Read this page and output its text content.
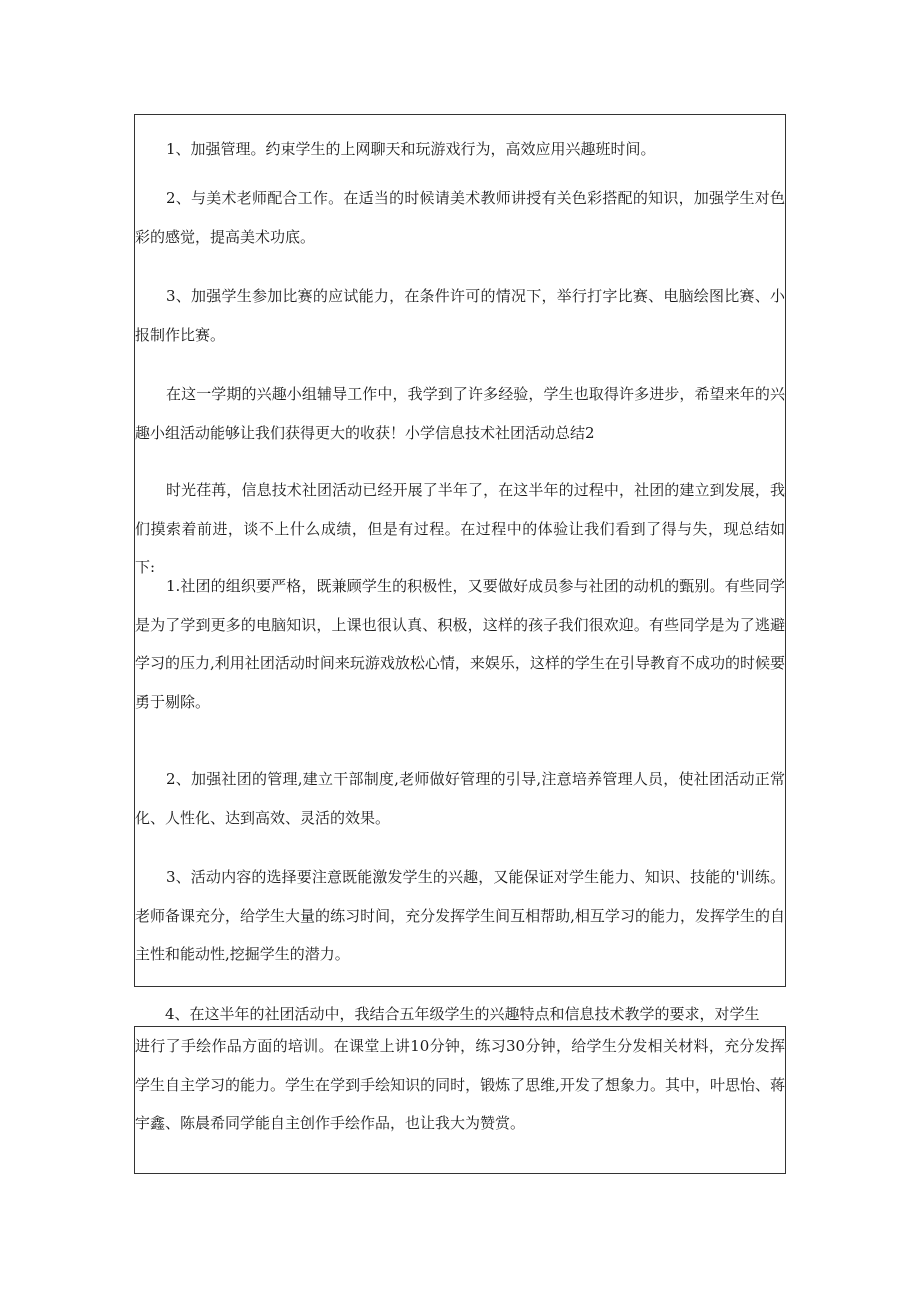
1、加强管理。约束学生的上网聊天和玩游戏行为，高效应用兴趣班时间。

2、与美术老师配合工作。在适当的时候请美术教师讲授有关色彩搭配的知识，加强学生对色彩的感觉，提高美术功底。

3、加强学生参加比赛的应试能力，在条件许可的情况下，举行打字比赛、电脑绘图比赛、小报制作比赛。

在这一学期的兴趣小组辅导工作中，我学到了许多经验，学生也取得许多进步，希望来年的兴趣小组活动能够让我们获得更大的收获！小学信息技术社团活动总结2

时光荏苒，信息技术社团活动已经开展了半年了，在这半年的过程中，社团的建立到发展，我们摸索着前进，谈不上什么成绩，但是有过程。在过程中的体验让我们看到了得与失，现总结如下:

1.社团的组织要严格，既兼顾学生的积极性，又要做好成员参与社团的动机的甄别。有些同学是为了学到更多的电脑知识，上课也很认真、积极，这样的孩子我们很欢迎。有些同学是为了逃避学习的压力,利用社团活动时间来玩游戏放松心情，来娱乐，这样的学生在引导教育不成功的时候要勇于剔除。

2、加强社团的管理,建立干部制度,老师做好管理的引导,注意培养管理人员，使社团活动正常化、人性化、达到高效、灵活的效果。

3、活动内容的选择要注意既能激发学生的兴趣，又能保证对学生能力、知识、技能的'训练。老师备课充分，给学生大量的练习时间，充分发挥学生间互相帮助,相互学习的能力，发挥学生的自主性和能动性,挖掘学生的潜力。

4、在这半年的社团活动中，我结合五年级学生的兴趣特点和信息技术教学的要求，对学生

进行了手绘作品方面的培训。在课堂上讲10分钟，练习30分钟，给学生分发相关材料，充分发挥学生自主学习的能力。学生在学到手绘知识的同时，锻炼了思维,开发了想象力。其中，叶思怡、蒋宇鑫、陈晨希同学能自主创作手绘作品，也让我大为赞赏。
